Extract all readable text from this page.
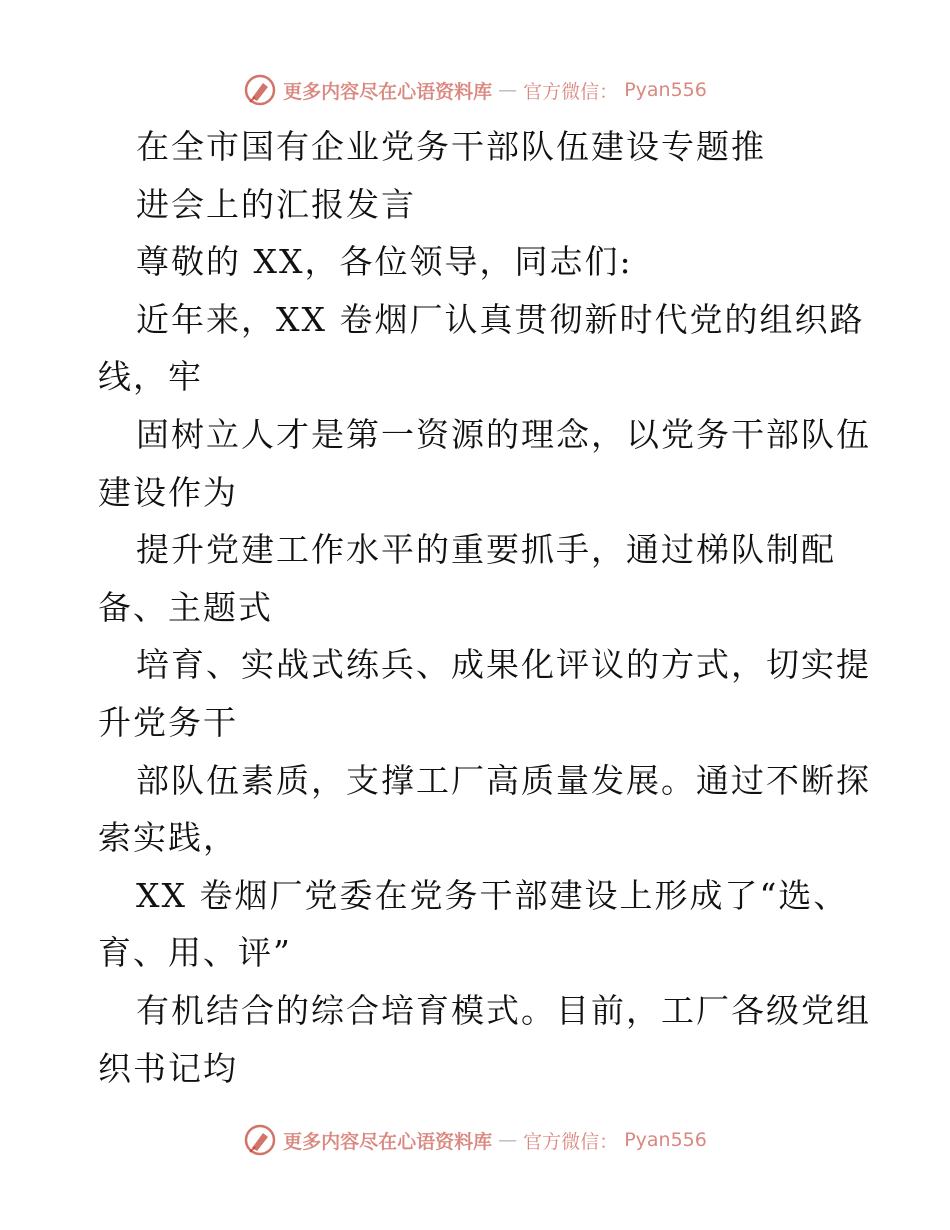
更多内容尽在心语资料库 — 官方微信： Pyan556
在全市国有企业党务干部队伍建设专题推
进会上的汇报发言
尊敬的 XX，各位领导，同志们:
近年来，XX 卷烟厂认真贯彻新时代党的组织路
线，牢
固树立人才是第一资源的理念，以党务干部队伍
建设作为
提升党建工作水平的重要抓手，通过梯队制配
备、主题式
培育、实战式练兵、成果化评议的方式，切实提
升党务干
部队伍素质，支撑工厂高质量发展。通过不断探
索实践，
XX 卷烟厂党委在党务干部建设上形成了“选、
育、用、评”
有机结合的综合培育模式。目前，工厂各级党组
织书记均
更多内容尽在心语资料库 — 官方微信： Pyan556
